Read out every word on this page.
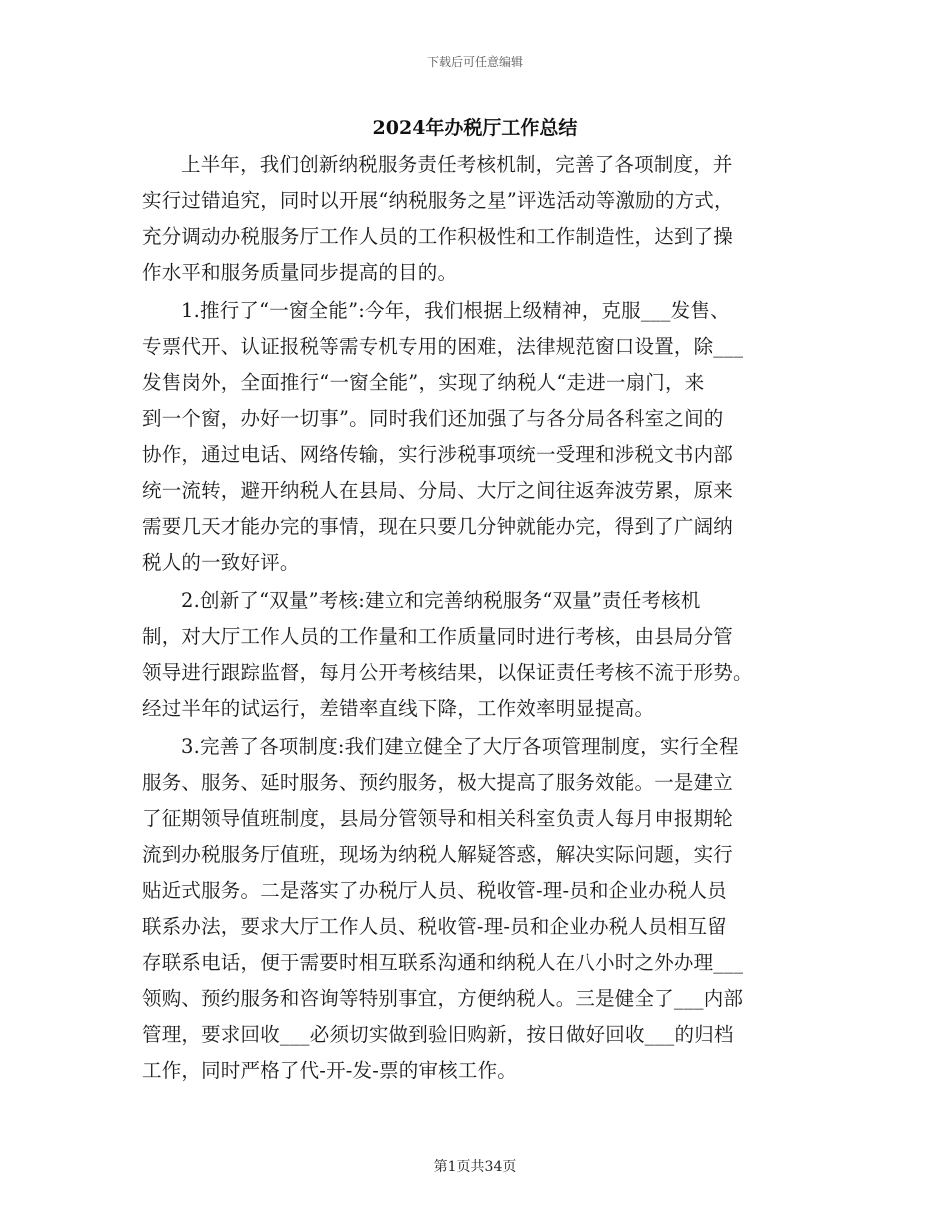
下载后可任意编辑
2024年办税厅工作总结
上半年，我们创新纳税服务责任考核机制，完善了各项制度，并
实行过错追究，同时以开展“纳税服务之星”评选活动等激励的方式，
充分调动办税服务厅工作人员的工作积极性和工作制造性，达到了操
作水平和服务质量同步提高的目的。
1.推行了“一窗全能”:今年，我们根据上级精神，克服___发售、
专票代开、认证报税等需专机专用的困难，法律规范窗口设置，除___
发售岗外，全面推行“一窗全能”，实现了纳税人“走进一扇门，来
到一个窗，办好一切事”。同时我们还加强了与各分局各科室之间的
协作，通过电话、网络传输，实行涉税事项统一受理和涉税文书内部
统一流转，避开纳税人在县局、分局、大厅之间往返奔波劳累，原来
需要几天才能办完的事情，现在只要几分钟就能办完，得到了广阔纳
税人的一致好评。
2.创新了“双量”考核:建立和完善纳税服务“双量”责任考核机
制，对大厅工作人员的工作量和工作质量同时进行考核，由县局分管
领导进行跟踪监督，每月公开考核结果，以保证责任考核不流于形势。
经过半年的试运行，差错率直线下降，工作效率明显提高。
3.完善了各项制度:我们建立健全了大厅各项管理制度，实行全程
服务、服务、延时服务、预约服务，极大提高了服务效能。一是建立
了征期领导值班制度，县局分管领导和相关科室负责人每月申报期轮
流到办税服务厅值班，现场为纳税人解疑答惑，解决实际问题，实行
贴近式服务。二是落实了办税厅人员、税收管-理-员和企业办税人员
联系办法，要求大厅工作人员、税收管-理-员和企业办税人员相互留
存联系电话，便于需要时相互联系沟通和纳税人在八小时之外办理___
领购、预约服务和咨询等特别事宜，方便纳税人。三是健全了___内部
管理，要求回收___必须切实做到验旧购新，按日做好回收___的归档
工作，同时严格了代-开-发-票的审核工作。
第1页共34页
